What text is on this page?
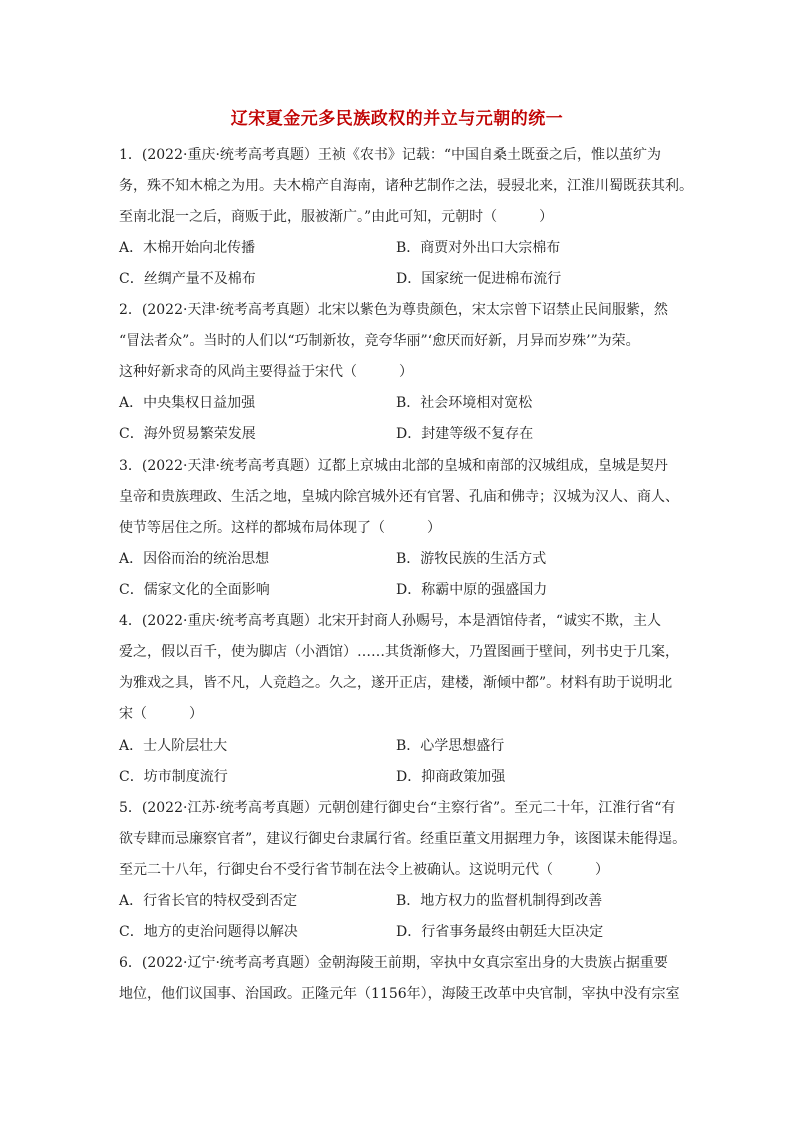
辽宋夏金元多民族政权的并立与元朝的统一
1．(2022·重庆·统考高考真题）王祯《农书》记载：“中国自桑土既蚕之后，惟以茧纩为
务，殊不知木棉之为用。夫木棉产自海南，诸种艺制作之法，骎骎北来，江淮川蜀既获其利。
至南北混一之后，商贩于此，服被渐广。”由此可知，元朝时（　　　）
A．木棉开始向北传播	B．商贾对外出口大宗棉布
C．丝绸产量不及棉布	D．国家统一促进棉布流行
2．(2022·天津·统考高考真题）北宋以紫色为尊贵颜色，宋太宗曾下诏禁止民间服紫，然
“冒法者众”。当时的人们以“巧制新妆，竞夸华丽”‘愈厌而好新，月异而岁殊’”为荣。
这种好新求奇的风尚主要得益于宋代（　　　）
A．中央集权日益加强	B．社会环境相对宽松
C．海外贸易繁荣发展	D．封建等级不复存在
3．(2022·天津·统考高考真题）辽都上京城由北部的皇城和南部的汉城组成，皇城是契丹
皇帝和贵族理政、生活之地，皇城内除宫城外还有官署、孔庙和佛寺；汉城为汉人、商人、
使节等居住之所。这样的都城布局体现了（　　　）
A．因俗而治的统治思想	B．游牧民族的生活方式
C．儒家文化的全面影响	D．称霸中原的强盛国力
4．(2022·重庆·统考高考真题）北宋开封商人孙赐号，本是酒馆侍者，“诚实不欺，主人
爱之，假以百千，使为脚店（小酒馆）……其货渐修大，乃置图画于壁间，列书史于几案，
为雅戏之具，皆不凡，人竞趋之。久之，遂开正店，建楼，渐倾中都”。材料有助于说明北
宋（　　　）
A．士人阶层壮大	B．心学思想盛行
C．坊市制度流行	D．抑商政策加强
5．(2022·江苏·统考高考真题）元朝创建行御史台“主察行省”。至元二十年，江淮行省“有
欲专肆而忌廉察官者”，建议行御史台隶属行省。经重臣董文用据理力争，该图谋未能得逞。
至元二十八年，行御史台不受行省节制在法令上被确认。这说明元代（　　　）
A．行省长官的特权受到否定	B．地方权力的监督机制得到改善
C．地方的吏治问题得以解决	D．行省事务最终由朝廷大臣决定
6．(2022·辽宁·统考高考真题）金朝海陵王前期，宰执中女真宗室出身的大贵族占据重要
地位，他们议国事、治国政。正隆元年（1156年），海陵王改革中央官制，宰执中没有宗室
